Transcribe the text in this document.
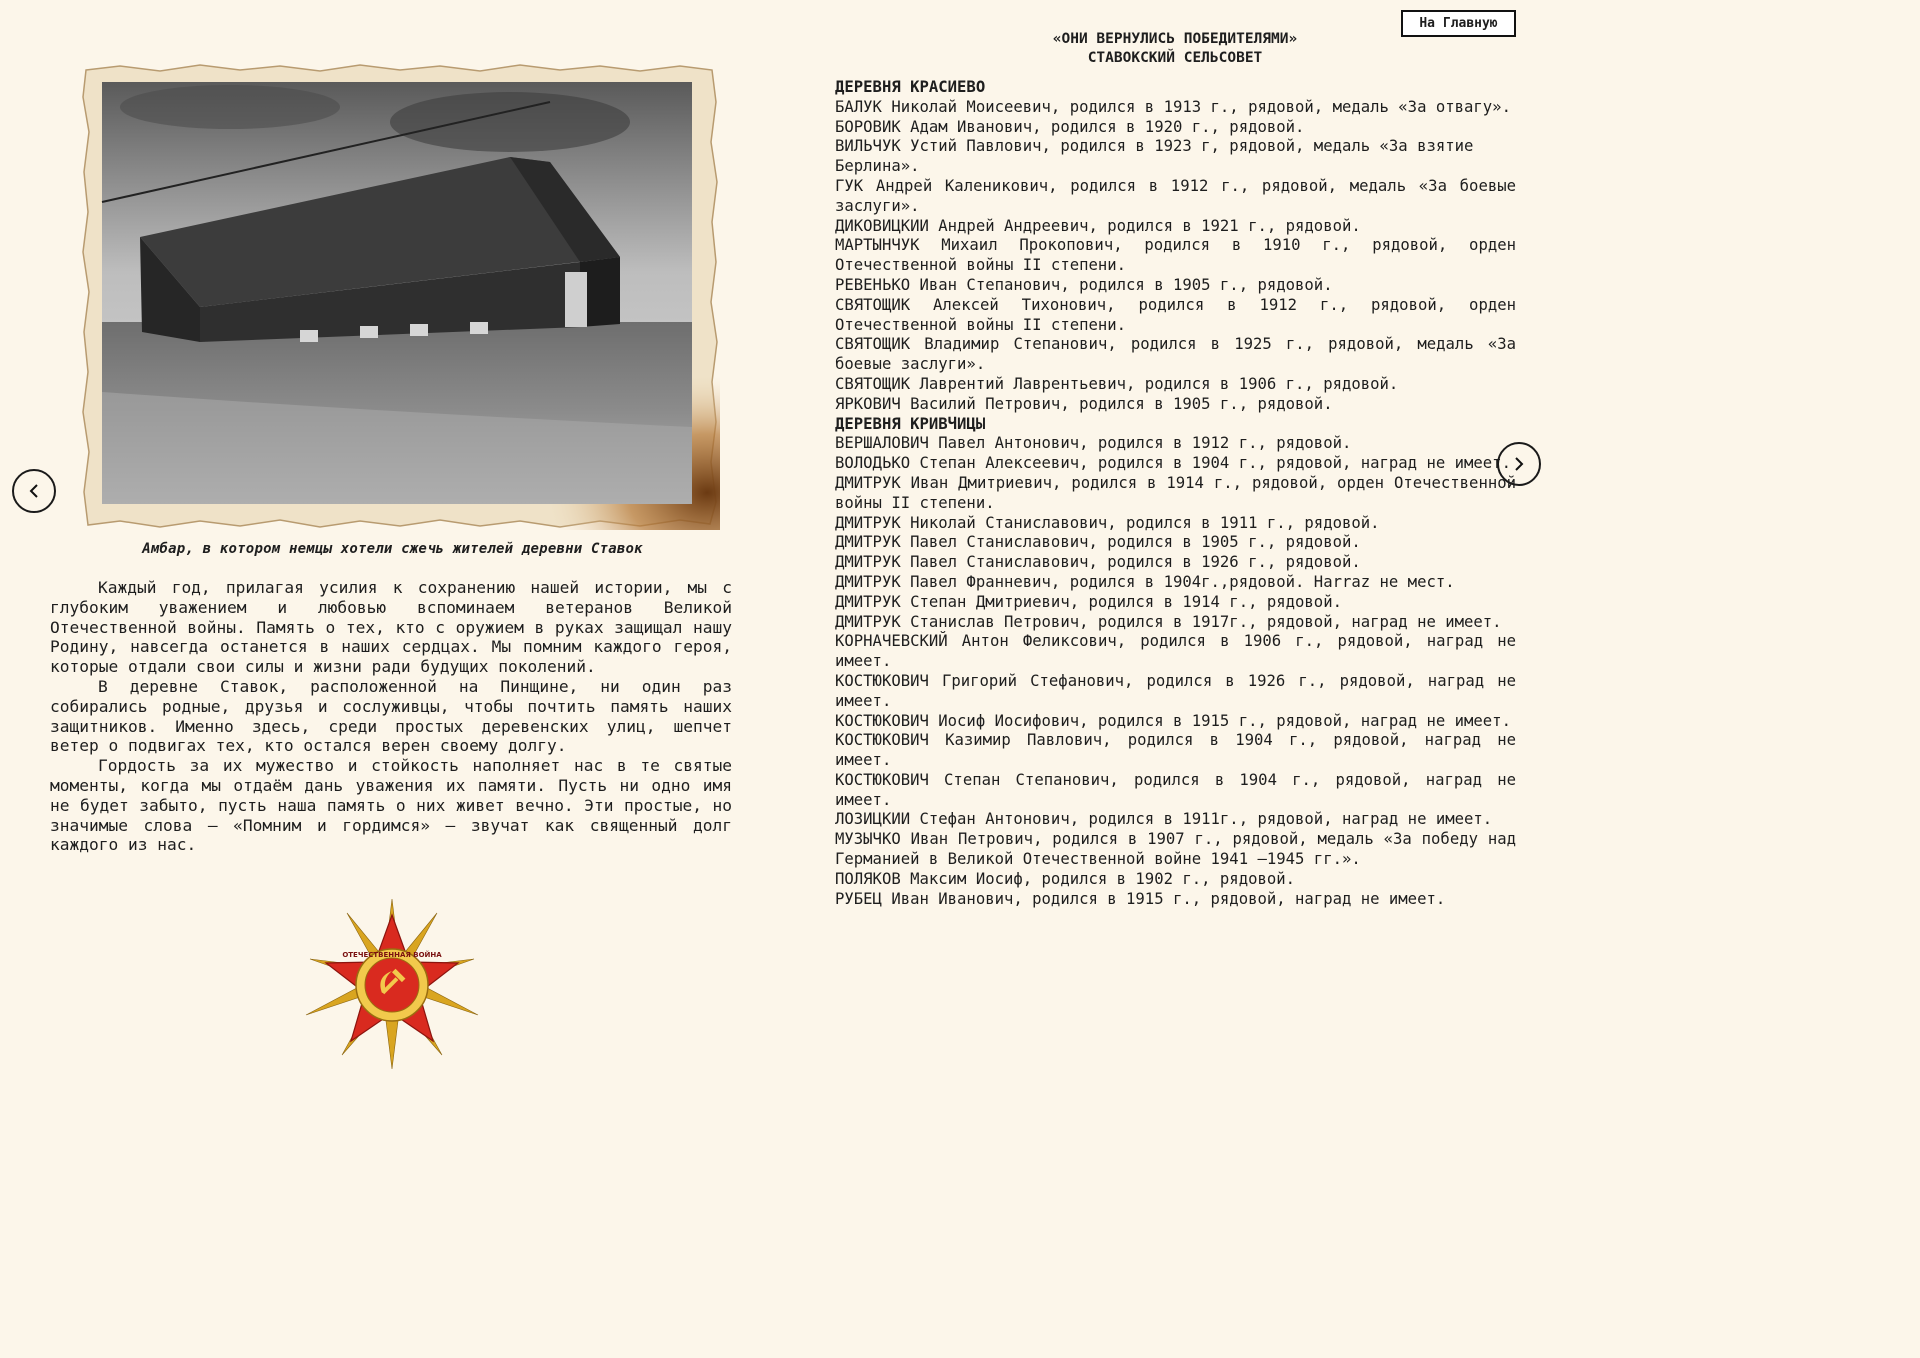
На Главную
Амбар, в котором немцы хотели сжечь жителей деревни Ставок

Каждый год, прилагая усилия к сохранению нашей истории, мы с глубоким уважением и любовью вспоминаем ветеранов Великой Отечественной войны. Память о тех, кто с оружием в руках защищал нашу Родину, навсегда останется в наших сердцах. Мы помним каждого героя, которые отдали свои силы и жизни ради будущих поколений.

В деревне Ставок, расположенной на Пинщине, ни один раз собирались родные, друзья и сослуживцы, чтобы почтить память наших защитников. Именно здесь, среди простых деревенских улиц, шепчет ветер о подвигах тех, кто остался верен своему долгу.

Гордость за их мужество и стойкость наполняет нас в те святые моменты, когда мы отдаём дань уважения их памяти. Пусть ни одно имя не будет забыто, пусть наша память о них живет вечно. Эти простые, но значимые слова – «Помним и гордимся» – звучат как священный долг каждого из нас.

ОТЕЧЕСТВЕННАЯ ВОЙНА
«ОНИ ВЕРНУЛИСЬ ПОБЕДИТЕЛЯМИ»
СТАВОКСКИЙ СЕЛЬСОВЕТ
ДЕРЕВНЯ КРАСИЕВО
БАЛУК Николай Моисеевич, родился в 1913 г., рядовой, медаль «За отвагу».
БОРОВИК Адам Иванович, родился в 1920 г., рядовой.
ВИЛЬЧУК Устий Павлович, родился в 1923 г, рядовой, медаль «За взятие
Берлина».
ГУК Андрей Каленикович, родился в 1912 г., рядовой, медаль «За боевые заслуги».
ДИКОВИЦКИИ Андрей Андреевич, родился в 1921 г., рядовой.
МАРТЫНЧУК Михаил Прокопович, родился в 1910 г., рядовой, орден Отечественной войны II степени.
РЕВЕНЬКО Иван Степанович, родился в 1905 г., рядовой.
СВЯТОЩИК Алексей Тихонович, родился в 1912 г., рядовой, орден Отечественной войны II степени.
СВЯТОЩИК Владимир Степанович, родился в 1925 г., рядовой, медаль «За боевые заслуги».
СВЯТОЩИК Лаврентий Лаврентьевич, родился в 1906 г., рядовой.
ЯРКОВИЧ Василий Петрович, родился в 1905 г., рядовой.
ДЕРЕВНЯ КРИВЧИЦЫ
ВЕРШАЛОВИЧ Павел Антонович, родился в 1912 г., рядовой.
ВОЛОДЬКО Степан Алексеевич, родился в 1904 г., рядовой, наград не имеет.
ДМИТРУК Иван Дмитриевич, родился в 1914 г., рядовой, орден Отечественной войны II степени.
ДМИТРУК Николай Станиславович, родился в 1911 г., рядовой.
ДМИТРУК Павел Станиславович, родился в 1905 г., рядовой.
ДМИТРУК Павел Станиславович, родился в 1926 г., рядовой.
ДМИТРУК Павел Франневич, родился в 1904г.,рядовой. Harraz не мест.
ДМИТРУК Степан Дмитриевич, родился в 1914 г., рядовой.
ДМИТРУК Станислав Петрович, родился в 1917г., рядовой, наград не имеет.
КОРНАЧЕВСКИЙ Антон Феликсович, родился в 1906 г., рядовой, наград не имеет.
КОСТЮКОВИЧ Григорий Стефанович, родился в 1926 г., рядовой, наград не имеет.
КОСТЮКОВИЧ Иосиф Иосифович, родился в 1915 г., рядовой, наград не имеет.
КОСТЮКОВИЧ Казимир Павлович, родился в 1904 г., рядовой, наград не имеет.
КОСТЮКОВИЧ Степан Степанович, родился в 1904 г., рядовой, наград не имеет.
ЛОЗИЦКИИ Стефан Антонович, родился в 1911г., рядовой, наград не имеет.
МУЗЫЧКО Иван Петрович, родился в 1907 г., рядовой, медаль «За победу над Германией в Великой Отечественной войне 1941 –1945 гг.».
ПОЛЯКОВ Максим Иосиф, родился в 1902 г., рядовой.
РУБЕЦ Иван Иванович, родился в 1915 г., рядовой, наград не имеет.
